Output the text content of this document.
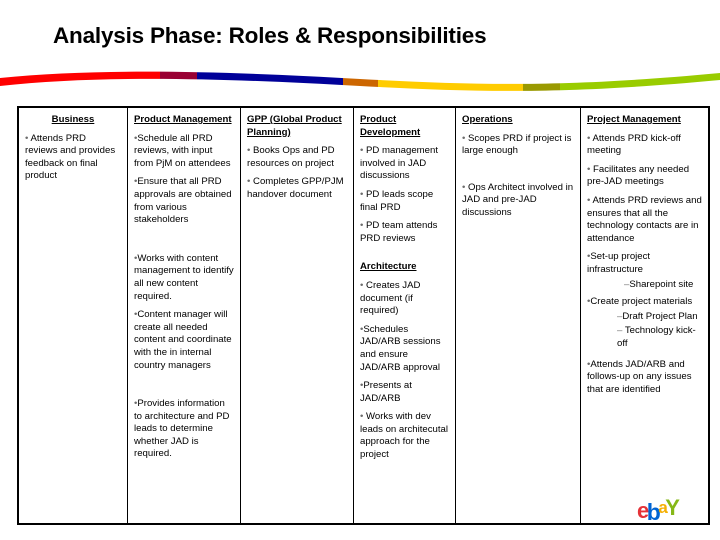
Analysis Phase: Roles & Responsibilities
Business
• Attends PRD reviews and provides feedback on final product
Product Management
•Schedule all PRD reviews, with input from PjM on attendees
•Ensure that all PRD approvals are obtained from various stakeholders
•Works with content management to identify all new content required.
•Content manager will create all needed content and coordinate with the in internal country managers
•Provides information to architecture and PD leads to determine whether JAD is required.
GPP (Global Product Planning)
• Books Ops and PD resources on project
• Completes GPP/PJM handover document
Product Development
• PD management involved in JAD discussions
• PD leads scope final PRD
• PD team attends PRD reviews
Architecture
• Creates JAD document (if required)
•Schedules JAD/ARB sessions and ensure JAD/ARB approval
•Presents at JAD/ARB
• Works with dev leads on architecutal approach for the project
Operations
• Scopes PRD if project is large enough
• Ops Architect involved in JAD and pre-JAD discussions
Project Management
• Attends PRD kick-off meeting
• Facilitates any needed pre-JAD meetings
• Attends PRD reviews and ensures that all the technology contacts are in attendance
•Set-up project infrastructure
–Sharepoint site
•Create project materials
–Draft Project Plan
– Technology kick-off
•Attends JAD/ARB and follows-up on any issues that are identified
ebaY
